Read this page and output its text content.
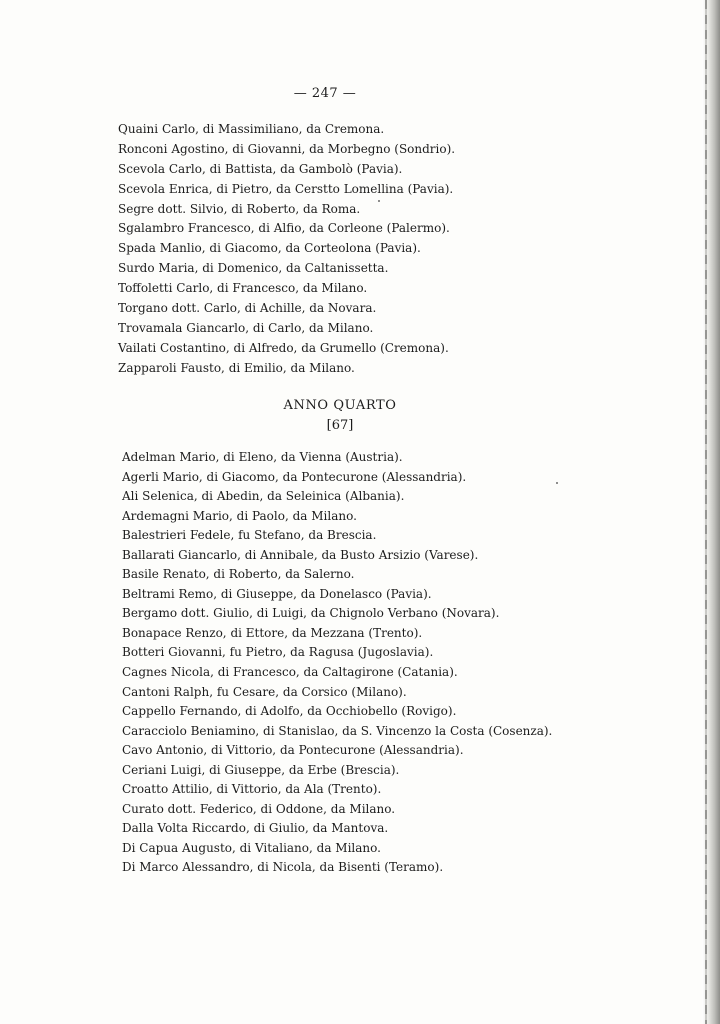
— 247 —
Quaini Carlo, di Massimiliano, da Cremona.
Ronconi Agostino, di Giovanni, da Morbegno (Sondrio).
Scevola Carlo, di Battista, da Gambolò (Pavia).
Scevola Enrica, di Pietro, da Cerstto Lomellina (Pavia).
Segre dott. Silvio, di Roberto, da Roma.
Sgalambro Francesco, di Alfio, da Corleone (Palermo).
Spada Manlio, di Giacomo, da Corteolona (Pavia).
Surdo Maria, di Domenico, da Caltanissetta.
Toffoletti Carlo, di Francesco, da Milano.
Torgano dott. Carlo, di Achille, da Novara.
Trovamala Giancarlo, di Carlo, da Milano.
Vailati Costantino, di Alfredo, da Grumello (Cremona).
Zapparoli Fausto, di Emilio, da Milano.
ANNO QUARTO
[67]
Adelman Mario, di Eleno, da Vienna (Austria).
Agerli Mario, di Giacomo, da Pontecurone (Alessandria).
Ali Selenica, di Abedin, da Seleinica (Albania).
Ardemagni Mario, di Paolo, da Milano.
Balestrieri Fedele, fu Stefano, da Brescia.
Ballarati Giancarlo, di Annibale, da Busto Arsizio (Varese).
Basile Renato, di Roberto, da Salerno.
Beltrami Remo, di Giuseppe, da Donelasco (Pavia).
Bergamo dott. Giulio, di Luigi, da Chignolo Verbano (Novara).
Bonapace Renzo, di Ettore, da Mezzana (Trento).
Botteri Giovanni, fu Pietro, da Ragusa (Jugoslavia).
Cagnes Nicola, di Francesco, da Caltagirone (Catania).
Cantoni Ralph, fu Cesare, da Corsico (Milano).
Cappello Fernando, di Adolfo, da Occhiobello (Rovigo).
Caracciolo Beniamino, di Stanislao, da S. Vincenzo la Costa (Cosenza).
Cavo Antonio, di Vittorio, da Pontecurone (Alessandria).
Ceriani Luigi, di Giuseppe, da Erbe (Brescia).
Croatto Attilio, di Vittorio, da Ala (Trento).
Curato dott. Federico, di Oddone, da Milano.
Dalla Volta Riccardo, di Giulio, da Mantova.
Di Capua Augusto, di Vitaliano, da Milano.
Di Marco Alessandro, di Nicola, da Bisenti (Teramo).
